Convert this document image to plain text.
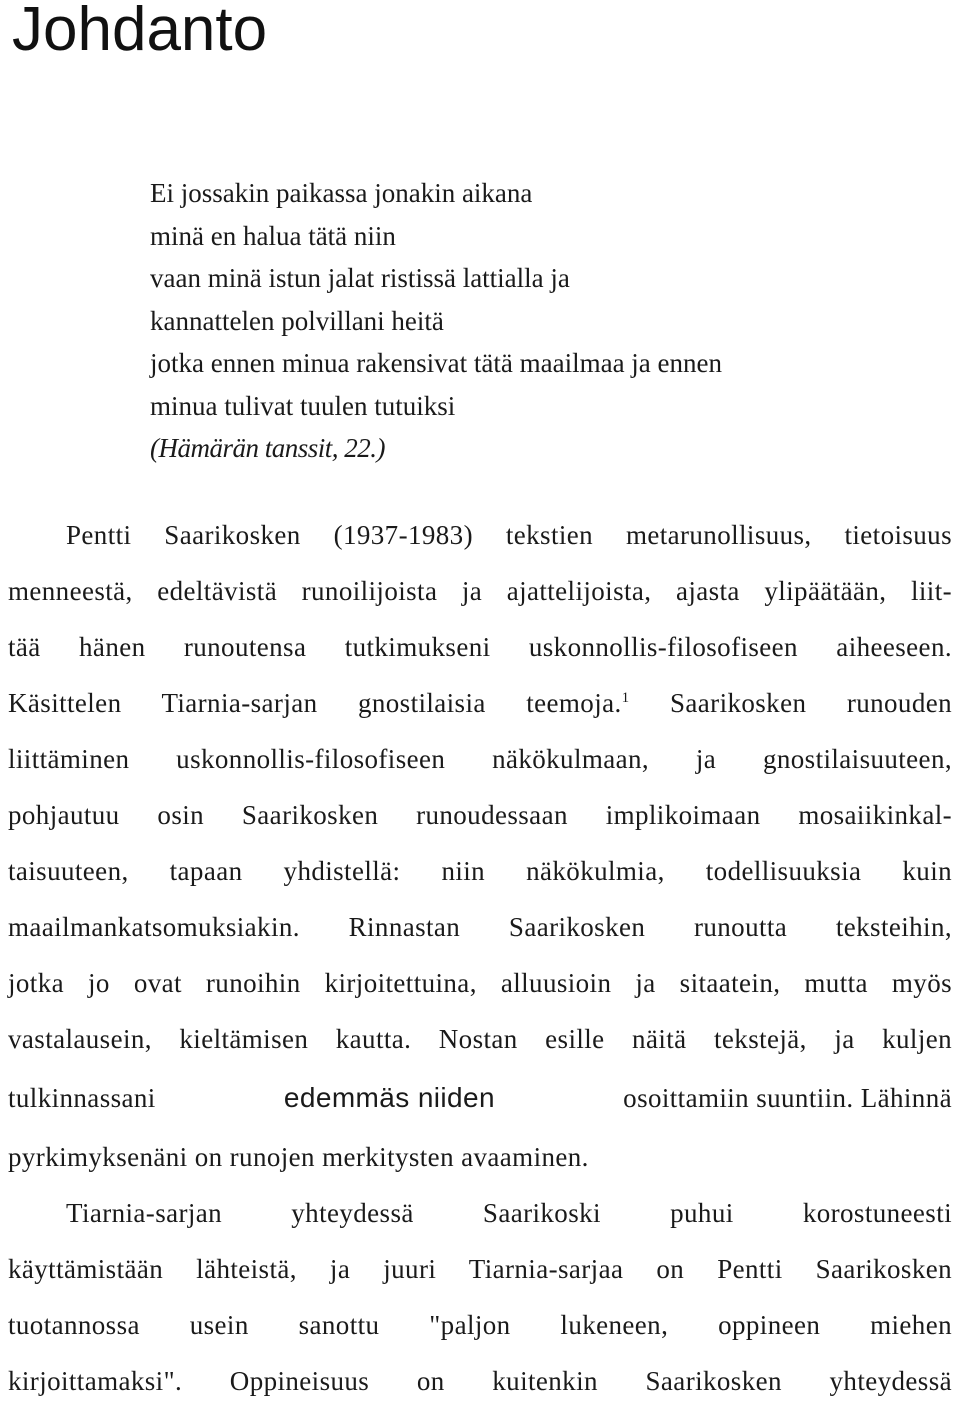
Johdanto
Ei jossakin paikassa jonakin aikana
minä en halua tätä niin
vaan minä istun jalat ristissä lattialla ja
kannattelen polvillani heitä
jotka ennen minua rakensivat tätä maailmaa ja ennen
minua tulivat tuulen tutuiksi
(Hämärän tanssit, 22.)
Pentti Saarikosken (1937-1983) tekstien metarunollisuus, tietoisuus
menneestä, edeltävistä runoilijoista ja ajattelijoista, ajasta ylipäätään, liit-
tää hänen runoutensa tutkimukseni uskonnollis-filosofiseen aiheeseen.
Käsittelen Tiarnia-sarjan gnostilaisia teemoja.$^1$ Saarikosken runouden
liittäminen uskonnollis-filosofiseen näkökulmaan, ja gnostilaisuuteen,
pohjautuu osin Saarikosken runoudessaan implikoimaan mosaiikinkal-
taisuuteen, tapaan yhdistellä: niin näkökulmia, todellisuuksia kuin
maailmankatsomuksiakin. Rinnastan Saarikosken runoutta teksteihin,
jotka jo ovat runoihin kirjoitettuina, alluusioin ja sitaatein, mutta myös
vastalausein, kieltämisen kautta. Nostan esille näitä tekstejä, ja kuljen
tulkinnassani	edemmäs niiden	osoittamiin suuntiin. Lähinnä
pyrkimyksenäni on runojen merkitysten avaaminen.
Tiarnia-sarjan yhteydessä Saarikoski puhui korostuneesti
käyttämistään lähteistä, ja juuri Tiarnia-sarjaa on Pentti Saarikosken
tuotannossa usein sanottu "paljon lukeneen, oppineen miehen
kirjoittamaksi". Oppineisuus on kuitenkin Saarikosken yhteydessä
